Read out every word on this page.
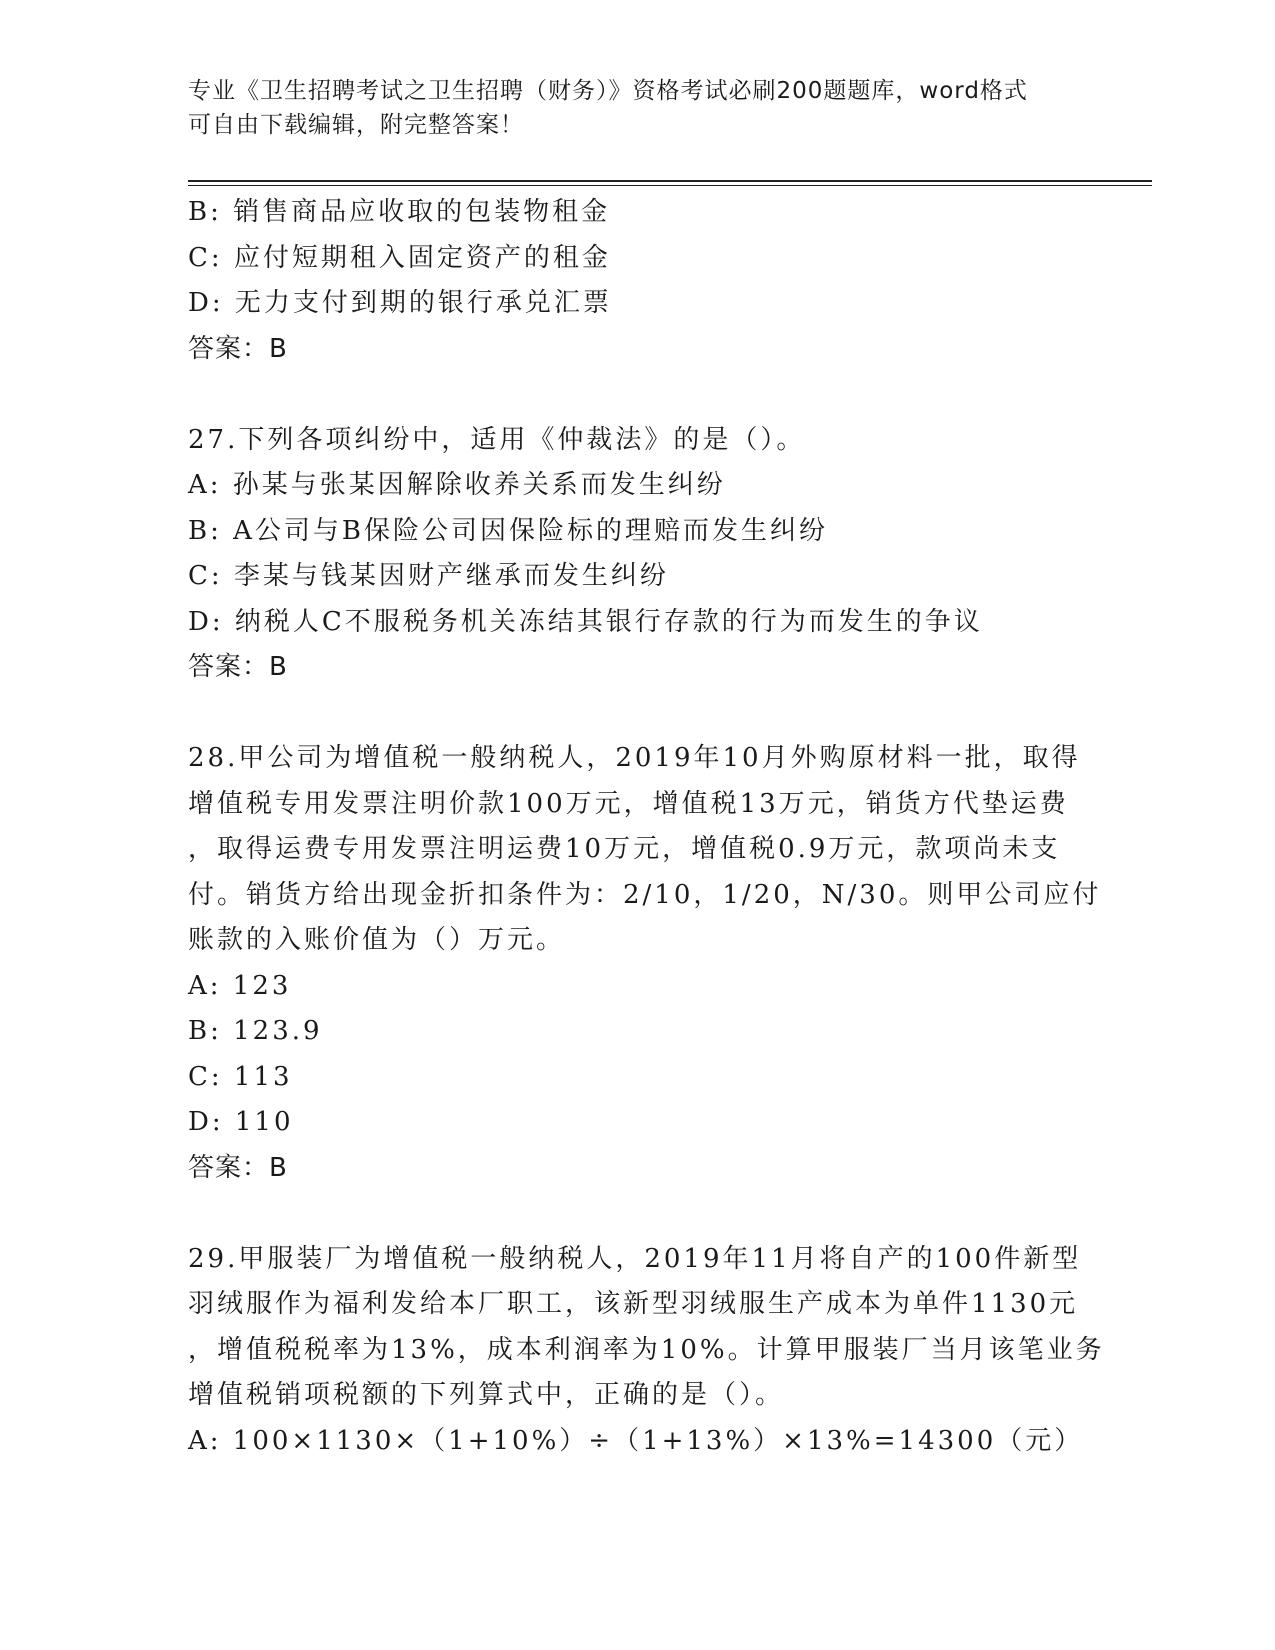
专业《卫生招聘考试之卫生招聘（财务）》资格考试必刷200题题库，word格式
可自由下载编辑，附完整答案！
B: 销售商品应收取的包装物租金
C: 应付短期租入固定资产的租金
D: 无力支付到期的银行承兑汇票
答案：B
27.下列各项纠纷中，适用《仲裁法》的是（）。
A: 孙某与张某因解除收养关系而发生纠纷
B: A公司与B保险公司因保险标的理赔而发生纠纷
C: 李某与钱某因财产继承而发生纠纷
D: 纳税人C不服税务机关冻结其银行存款的行为而发生的争议
答案：B
28.甲公司为增值税一般纳税人，2019年10月外购原材料一批，取得
增值税专用发票注明价款100万元，增值税13万元，销货方代垫运费
，取得运费专用发票注明运费10万元，增值税0.9万元，款项尚未支
付。销货方给出现金折扣条件为：2/10，1/20，N/30。则甲公司应付
账款的入账价值为（）万元。
A: 123
B: 123.9
C: 113
D: 110
答案：B
29.甲服装厂为增值税一般纳税人，2019年11月将自产的100件新型
羽绒服作为福利发给本厂职工，该新型羽绒服生产成本为单件1130元
，增值税税率为13%，成本利润率为10%。计算甲服装厂当月该笔业务
增值税销项税额的下列算式中，正确的是（）。
A: 100×1130×（1+10%）÷（1+13%）×13%=14300（元）
